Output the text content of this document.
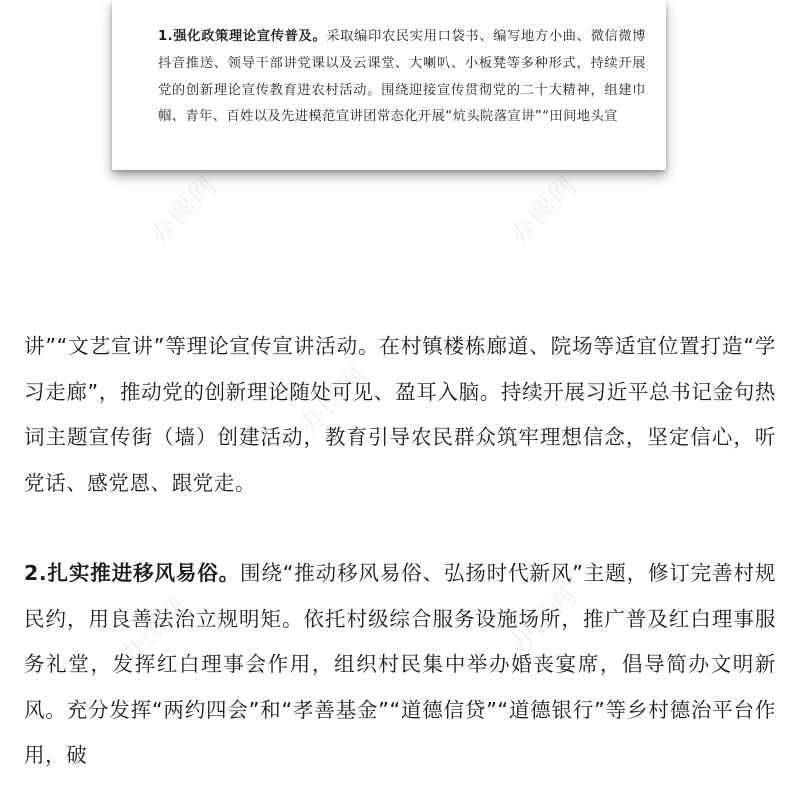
1.强化政策理论宣传普及。采取编印农民实用口袋书、编写地方小曲、微信微博抖音推送、领导干部讲党课以及云课堂、大喇叭、小板凳等多种形式，持续开展党的创新理论宣传教育进农村活动。围绕迎接宣传贯彻党的二十大精神，组建巾帼、青年、百姓以及先进模范宣讲团常态化开展“炕头院落宣讲”“田间地头宣

讲”“文艺宣讲”等理论宣传宣讲活动。在村镇楼栋廊道、院场等适宜位置打造“学习走廊”，推动党的创新理论随处可见、盈耳入脑。持续开展习近平总书记金句热词主题宣传街（墙）创建活动，教育引导农民群众筑牢理想信念，坚定信心，听党话、感党恩、跟党走。

2.扎实推进移风易俗。围绕“推动移风易俗、弘扬时代新风”主题，修订完善村规民约，用良善法治立规明矩。依托村级综合服务设施场所，推广普及红白理事服务礼堂，发挥红白理事会作用，组织村民集中举办婚丧宴席，倡导简办文明新风。充分发挥“两约四会”和“孝善基金”“道德信贷”“道德银行”等乡村德治平台作用，破

办图网	办图网
办图网
办图网	办图网
